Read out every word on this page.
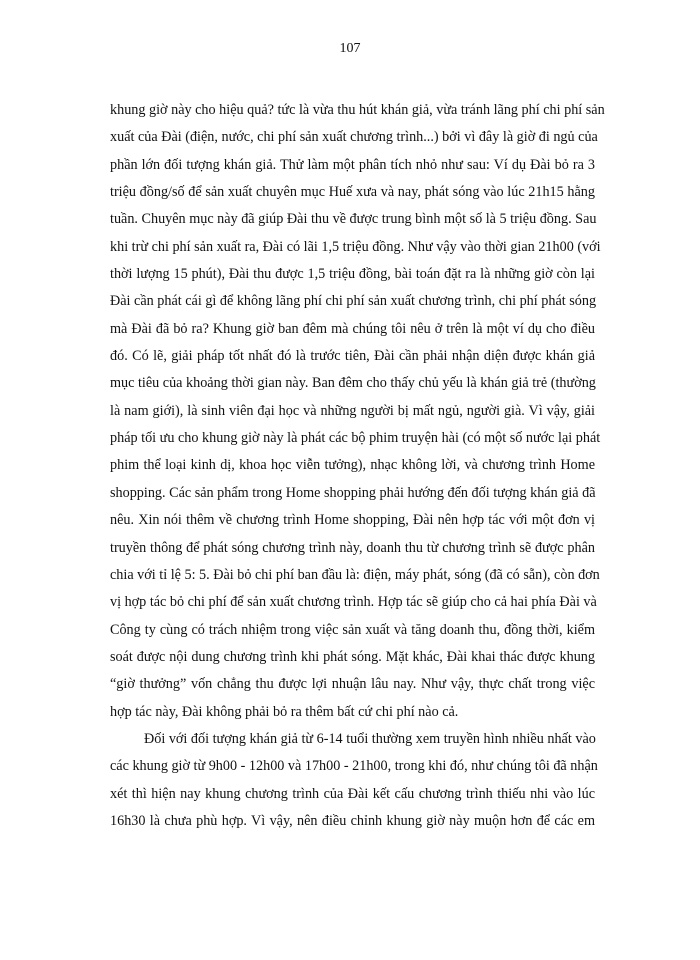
107
khung giờ này cho hiệu quả? tức là vừa thu hút khán giả, vừa tránh lãng phí chi phí sản
xuất của Đài (điện, nước, chi phí sản xuất chương trình...) bởi vì đây là giờ đi ngủ của
phần lớn đối tượng khán giả. Thử làm một phân tích nhỏ như sau: Ví dụ Đài bỏ ra 3
triệu đồng/số để sản xuất chuyên mục Huế xưa và nay, phát sóng vào lúc 21h15 hằng
tuần. Chuyên mục này đã giúp Đài thu về được trung bình một số là 5 triệu đồng. Sau
khi trừ chi phí sản xuất ra, Đài có lãi 1,5 triệu đồng. Như vậy vào thời gian 21h00 (với
thời lượng 15 phút), Đài thu được 1,5 triệu đồng, bài toán đặt ra là những giờ còn lại
Đài cần phát cái gì để không lãng phí chi phí sản xuất chương trình, chi phí phát sóng
mà Đài đã bỏ ra? Khung giờ ban đêm mà chúng tôi nêu ở trên là một ví dụ cho điều
đó. Có lẽ, giải pháp tốt nhất đó là trước tiên, Đài cần phải nhận diện được khán giả
mục tiêu của khoảng thời gian này. Ban đêm cho thấy chủ yếu là khán giả trẻ (thường
là nam giới), là sinh viên đại học và những người bị mất ngủ, người già. Vì vậy, giải
pháp tối ưu cho khung giờ này là phát các bộ phim truyện hài (có một số nước lại phát
phim thể loại kinh dị, khoa học viễn tưởng), nhạc không lời, và chương trình Home
shopping. Các sản phẩm trong Home shopping phải hướng đến đối tượng khán giả đã
nêu. Xin nói thêm về chương trình Home shopping, Đài nên hợp tác với một đơn vị
truyền thông để phát sóng chương trình này, doanh thu từ chương trình sẽ được phân
chia với tỉ lệ 5: 5. Đài bỏ chi phí ban đầu là: điện, máy phát, sóng (đã có sẵn), còn đơn
vị hợp tác bỏ chi phí để sản xuất chương trình. Hợp tác sẽ giúp cho cả hai phía Đài và
Công ty cùng có trách nhiệm trong việc sản xuất và tăng doanh thu, đồng thời, kiểm
soát được nội dung chương trình khi phát sóng. Mặt khác, Đài khai thác được khung
“giờ thưởng” vốn chẳng thu được lợi nhuận lâu nay. Như vậy, thực chất trong việc
hợp tác này, Đài không phải bỏ ra thêm bất cứ chi phí nào cả.
Đối với đối tượng khán giả từ 6-14 tuổi thường xem truyền hình nhiều nhất vào
các khung giờ từ 9h00 - 12h00 và 17h00 - 21h00, trong khi đó, như chúng tôi đã nhận
xét thì hiện nay khung chương trình của Đài kết cấu chương trình thiếu nhi vào lúc
16h30 là chưa phù hợp. Vì vậy, nên điều chỉnh khung giờ này muộn hơn để các em
